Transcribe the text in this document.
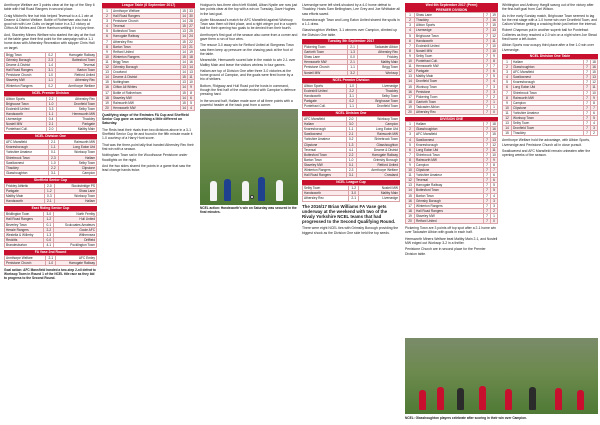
Armthorpe Welfare are 3 points clear at the top of the Step 6 table with Hall Road Rangers in second place.

Craig Mitchell's fine hat trick helped Teversal to a 4-1 win at Dearne & District Welfare. Bottle of Rotherham also had a good win with Lee Cutts on target twice in a 3-2 victory at Clifton All Whites and Oliver Harrison settling it in injury time.

And, Staveley Miners Welfare who started the day at the foot of the table gave their first point for the campaign with a 1-1 home draw with Athersley Recreation with skipper Chris Hall on target.

Brigg Town	0-2	Harrogate Railway
Grimsby Borough	2-3	Bottesford Town
Dearne & District	1-4	Teversal
Hall Road Rangers	3-1	Barton Town
Penistone Church	1-0	Retford United
Staveley MW	1-1	Athersley Rec
Winterton Rangers	0-2	Armthorpe Welfare
NCEL Premier Division
Albion Sports	2-2	Athersley Rec
Brighouse Town	1-0	Dronfield Town
Eccleshill United	3-3	Selby Town
Handsworth	1-1	Hemsworth MW
Liversedge	0-4	Thackley
Nostell MW	2-1	Parkgate
Pontefract Coll.	2-0	Maltby Main
NCEL Division One
AFC Mansfield	2-1	Rainworth MW
Knaresborough	1-1	Long Eaton Utd
Yorkshire Amateur	0-1	Worksop Town
Shirebrook Town	2-3	Hallam
Swallownest	1-0	Selby Town
Thackley	2-2	Clipstone
Glasshoughton	3-1	Campion
Sheffield Senior Cup
Frickley Athletic	2-0	Stocksbridge PS
Parkgate	1-2	Shaw Lane
Maltby Main	0-3	Worksop Town
Handsworth	2-1	Hallam
East Riding Senior Cup
Bridlington Town	3-0	North Ferriby
Hall Road Rangers	1-2	Hull United
Beverley Town	0-1	Sculcoates Amateurs
Hessle Rangers	2-2	Goole AFC
Westella & Willerby	1-3	Withernsea
Reckitts	0-0	Driffield
Brandesburton	4-1	Pocklington Town
FA Vase 2nd Round
Armthorpe Welfare	2-1	AFC Emley
Penistone Church	1-0	Harrogate Railway

Goal action: AFC Mansfield handed a two-step 2-nil defeat to Worksop Town in Round 1 of the NCEL title race as they bid to progress to the Second Round.

League Table (6 September 2017)
1	Armthorpe Welfare	15	33
2	Hall Road Rangers	14	30
3	Penistone Church	14	28
4	Teversal	15	27
5	Bottesford Town	13	25
6	Harrogate Railway	14	24
7	Athersley Rec	15	22
8	Barton Town	13	21
9	Retford United	14	19
10	Winterton Rangers	15	18
11	Brigg Town	14	16
12	Grimsby Borough	13	14
13	Crowland	14	13
14	Dearne & District	15	11
15	Nottingham	13	10
16	Clifton All Whites	14	9
17	Bottle of Rotherham	15	8
18	Staveley MW	14	6
19	Rainworth MW	15	5
20	Hemsworth MW	14	4

Qualifying stage of the Emirates FA Cup and Sheffield Senior Cup gave us something a little different on Saturday.

The Reds beat their rivals from two divisions above in a 3-1 Sheffield Senior Cup tie and found in the fifth minute made it 1-0 courtesy of a Harry Hunt score.

That was the three-point tally that handed Athersley Rec their first win with a season.

Nottingham Town sat in the Woodhouse Penistone under floodlights on the night.

And the two sides shared the points in a game that saw the lead change hands twice.

Hodgson's two-three clinch left Kiddell, Alban Nystle are now just two points clear at the top with a win on Tuesday, Dave Hughes in the last goal.

Ayder Moussaoui's match for AFC Mansfield against Worksop Town saw them sit third place, and a right winger put in a superb ball for their opening two goals to be denied from their fourth.

Armthorpe's first goal of the season also came from a corner and gave them a run of four wins.

The rescue 3-0 away win for Retford United at Skegness Town saw them keep up pressure on the chasing pack at the foot of the table.

Meanwhile, Hemsworth scored late in the match to win 2-1 over Maltby Main and leave the visitors winless in four games.

Hallam are top of Division One after three 3-0 victories at the home ground of Campion, and the goals were fired home by a trio of strikers.

Bottom, Ridgway and Hull Road put the hosts in command, though the first half of the match ended with Campion's defence pressing hard.

In the second half, Hallam made sure of all three points with a powerful header at the back post from a corner.

NCEL action: Handsworth's win on Saturday was secured in the final minutes.

Liversedge were left shell-shocked by a 4-0 home defeat to Thackley. Hosts Sam Bellingham, Lee Grey and Joe Whittaker all saw efforts saved.

Knaresborough Town and Long Eaton United shared the spoils in a 1-1 draw.

Glasshoughton Welfare, 3-1 winners over Campion, climbed up the Division One table.

Tuesday 5th September 2017
Pickering Town	2-1	Tadcaster Albion
Garforth Town	1-3	Athersley Rec
Shaw Lane	0-0	Frickley
Hemsworth MW	2-1	Maltby Main
Penistone Church	1-1	Brigg Town
Nostell MW	3-2	Worksop
NCEL Premier Division
Albion Sports	1-0	Liversedge
Eccleshill United	2-2	Thackley
Handsworth	3-1	Selby Town
Parkgate	0-2	Brighouse Town
Pontefract Coll.	1-1	Dronfield Town
NCEL Division One
AFC Mansfield	2-0	Worksop Town
Hallam	3-0	Campion
Knaresborough	1-1	Long Eaton Utd
Swallownest	2-1	Rainworth MW
Yorkshire Amateur	0-2	Shirebrook Town
Clipstone	1-3	Glasshoughton
Teversal	4-1	Dearne & District
Bottesford Town	2-2	Harrogate Railway
Barton Town	1-0	Grimsby Borough
Staveley MW	0-1	Retford United
Winterton Rangers	2-3	Armthorpe Welfare
Hall Road Rangers	3-1	Crowland
NCEL League Cup
Selby Town	1-2	Nostell MW
Handsworth	3-0	Maltby Main
Athersley Rec	2-1	Liversedge

The 2016/17 Brian Williams FA Vase gets underway at the weekend with two of the Rivaly Yorkshire NCEL teams that had progressed to the Second Qualifying Round.

There were eight NCEL ties with Grimsby Borough providing the biggest shock as the Division One side held the top seeds.

Wed 6th September 2017 (Prem)
PREMIER DIVISION
1	Shaw Lane	7	19
2	Thackley	7	16
3	Albion Sports	7	15
4	Liversedge	7	13
5	Brighouse Town	7	12
6	Handsworth	7	11
7	Eccleshill United	7	10
8	Nostell MW	7	10
9	Selby Town	7	9
10	Pontefract Coll.	7	8
11	Hemsworth MW	7	7
12	Parkgate	7	6
13	Maltby Main	7	5
14	Dronfield Town	7	4
15	Worksop Town	7	3
16	Penistone	7	3
17	Pickering Town	7	2
18	Garforth Town	7	1
19	Tadcaster Albion	7	1
20	Athersley Rec	7	0
DIVISION ONE
1	Hallam	7	18
2	Glasshoughton	7	16
3	AFC Mansfield	7	15
4	Swallownest	7	13
5	Knaresborough	7	12
6	Long Eaton Utd	7	11
7	Shirebrook Town	7	10
8	Rainworth MW	7	9
9	Campion	7	8
10	Clipstone	7	7
11	Yorkshire Amateur	7	6
12	Teversal	7	6
13	Harrogate Railway	7	5
14	Bottesford Town	7	5
15	Barton Town	7	4
16	Grimsby Borough	7	3
17	Winterton Rangers	7	3
18	Hall Road Rangers	7	2
19	Staveley MW	7	1
20	Retford United	7	0

Pickering Town are 3 points off top spot after a 2-1 home win over Tadcaster Albion with goals in each half.

Hemsworth Miners Welfare beat Maltby Main 2-1, and Nostell MW edged out Worksop 3-2 in a thriller.

Penistone Church are in second place for the Premier Division table.

Whittington and Anthony Hargill swung out of the victory after the first-half goal from Carl Wilson.

As in the early Sunday match, Brighouse Town seemed to lag for the rest stage with a 1-0 home win over Dronfield Town, and Callum Whelan getting a cracking finish just before the interval.

Robert Chapman put in another superb ball for Pontefract Collieries as they reached a 2-0 win on a night when Joe Stead fired home a left-footer.

Albion Sports now occupy third place after a fine 1-0 win over Liversedge.

NCEL Division One Table
1	Hallam	7	18
2	Glasshoughton	7	16
3	AFC Mansfield	7	15
4	Swallownest	7	13
5	Knaresborough	7	12
6	Long Eaton Utd	7	11
7	Shirebrook Town	7	10
8	Rainworth MW	7	9
9	Campion	7	8
10	Clipstone	7	7
11	Yorkshire Amateur	7	6
12	Worksop Town	7	5
13	Selby Town	7	4
14	Dronfield Town	7	3
15	Thackley	7	2

Armthorpe Welfare hold the advantage, with Albion Sports, Liversedge and Penistone Church all in close pursuit.

Swallownest and AFC Mansfield remain unbeaten after the opening weeks of the season.

NCEL: Glasshoughton players celebrate after scoring in their win over Campion.
